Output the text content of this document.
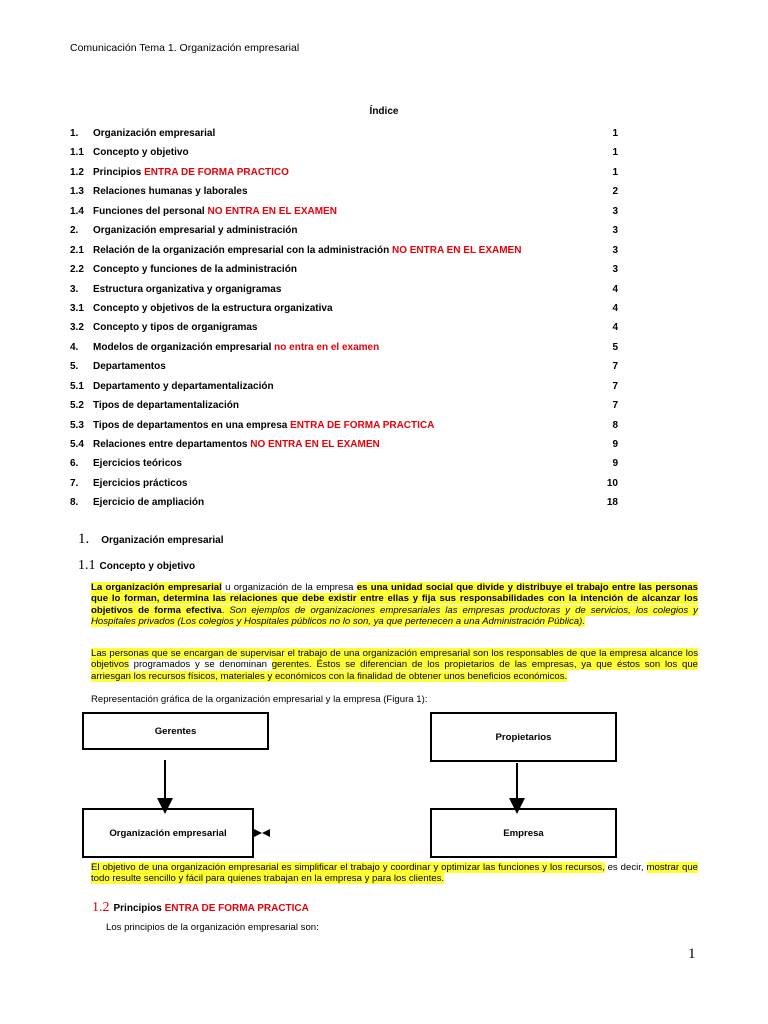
Comunicación Tema 1. Organización empresarial
Índice
1. Organización empresarial	1
1.1 Concepto y objetivo	1
1.2 Principios ENTRA DE FORMA PRACTICO	1
1.3 Relaciones humanas y laborales	2
1.4 Funciones del personal NO ENTRA EN EL EXAMEN	3
2. Organización empresarial y administración	3
2.1 Relación de la organización empresarial con la administración NO ENTRA EN EL EXAMEN	3
2.2 Concepto y funciones de la administración	3
3. Estructura organizativa y organigramas	4
3.1 Concepto y objetivos de la estructura organizativa	4
3.2 Concepto y tipos de organigramas	4
4. Modelos de organización empresarial no entra en el examen	5
5. Departamentos	7
5.1 Departamento y departamentalización	7
5.2 Tipos de departamentalización	7
5.3 Tipos de departamentos en una empresa ENTRA DE FORMA PRACTICA	8
5.4 Relaciones entre departamentos NO ENTRA EN EL EXAMEN	9
6. Ejercicios teóricos	9
7. Ejercicios prácticos	10
8. Ejercicio de ampliación	18
1. Organización empresarial
1.1 Concepto y objetivo
La organización empresarial u organización de la empresa es una unidad social que divide y distribuye el trabajo entre las personas que lo forman, determina las relaciones que debe existir entre ellas y fija sus responsabilidades con la intención de alcanzar los objetivos de forma efectiva. Son ejemplos de organizaciones empresariales las empresas productoras y de servicios, los colegios y Hospitales privados (Los colegios y Hospitales públicos no lo son, ya que pertenecen a una Administración Pública).
Las personas que se encargan de supervisar el trabajo de una organización empresarial son los responsables de que la empresa alcance los objetivos programados y se denominan gerentes. Éstos se diferencian de los propietarios de las empresas, ya que éstos son los que arriesgan los recursos físicos, materiales y económicos con la finalidad de obtener unos beneficios económicos.
Representación gráfica de la organización empresarial y la empresa (Figura 1):
Gerentes
Propietarios
Organización empresarial	Empresa
El objetivo de una organización empresarial es simplificar el trabajo y coordinar y optimizar las funciones y los recursos, es decir, mostrar que todo resulte sencillo y fácil para quienes trabajan en la empresa y para los clientes.
1.2 Principios ENTRA DE FORMA PRACTICA
Los principios de la organización empresarial son:
1
